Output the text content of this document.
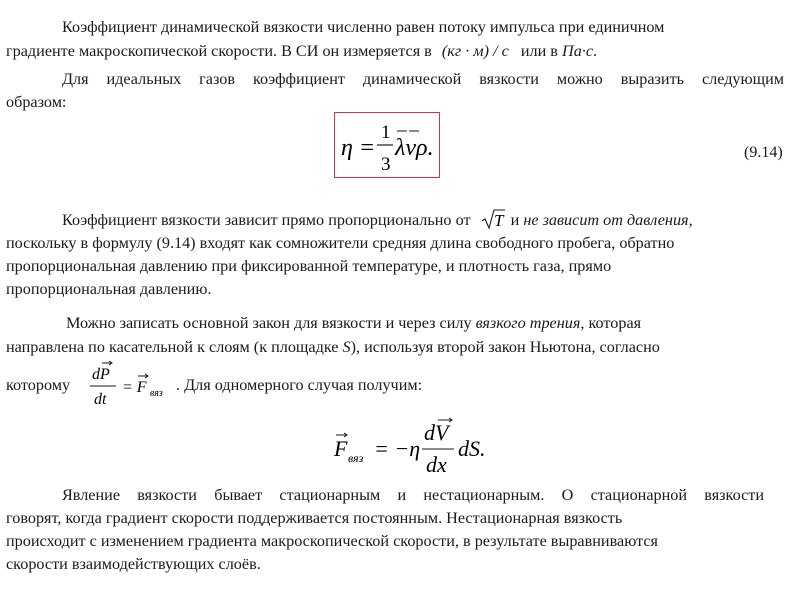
Коэффициент динамической вязкости численно равен потоку импульса при единичном
градиенте макроскопической скорости. В СИ он измеряется в (кг · м) / с или в Па·с.
Для идеальных газов коэффициент динамической вязкости можно выразить следующим
образом:
η =
1
3
λvρ.	(9.14)
Коэффициент вязкости зависит прямо пропорционально от T и не зависит от давления,
поскольку в формулу (9.14) входят как сомножители средняя длина свободного пробега, обратно
пропорциональная давлению при фиксированной температуре, и плотность газа, прямо
пропорциональная давлению.
Можно записать основной закон для вязкости и через силу вязкого трения, которая
направлена по касательной к слоям (к площадке S), используя второй закон Ньютона, согласно
которому
dP
dt
= F вяз . Для одномерного случая получим:
F вяз = −η
dV
dx
dS.
Явление вязкости бывает стационарным и нестационарным. О стационарной вязкости
говорят, когда градиент скорости поддерживается постоянным. Нестационарная вязкость
происходит с изменением градиента макроскопической скорости, в результате выравниваются
скорости взаимодействующих слоёв.
